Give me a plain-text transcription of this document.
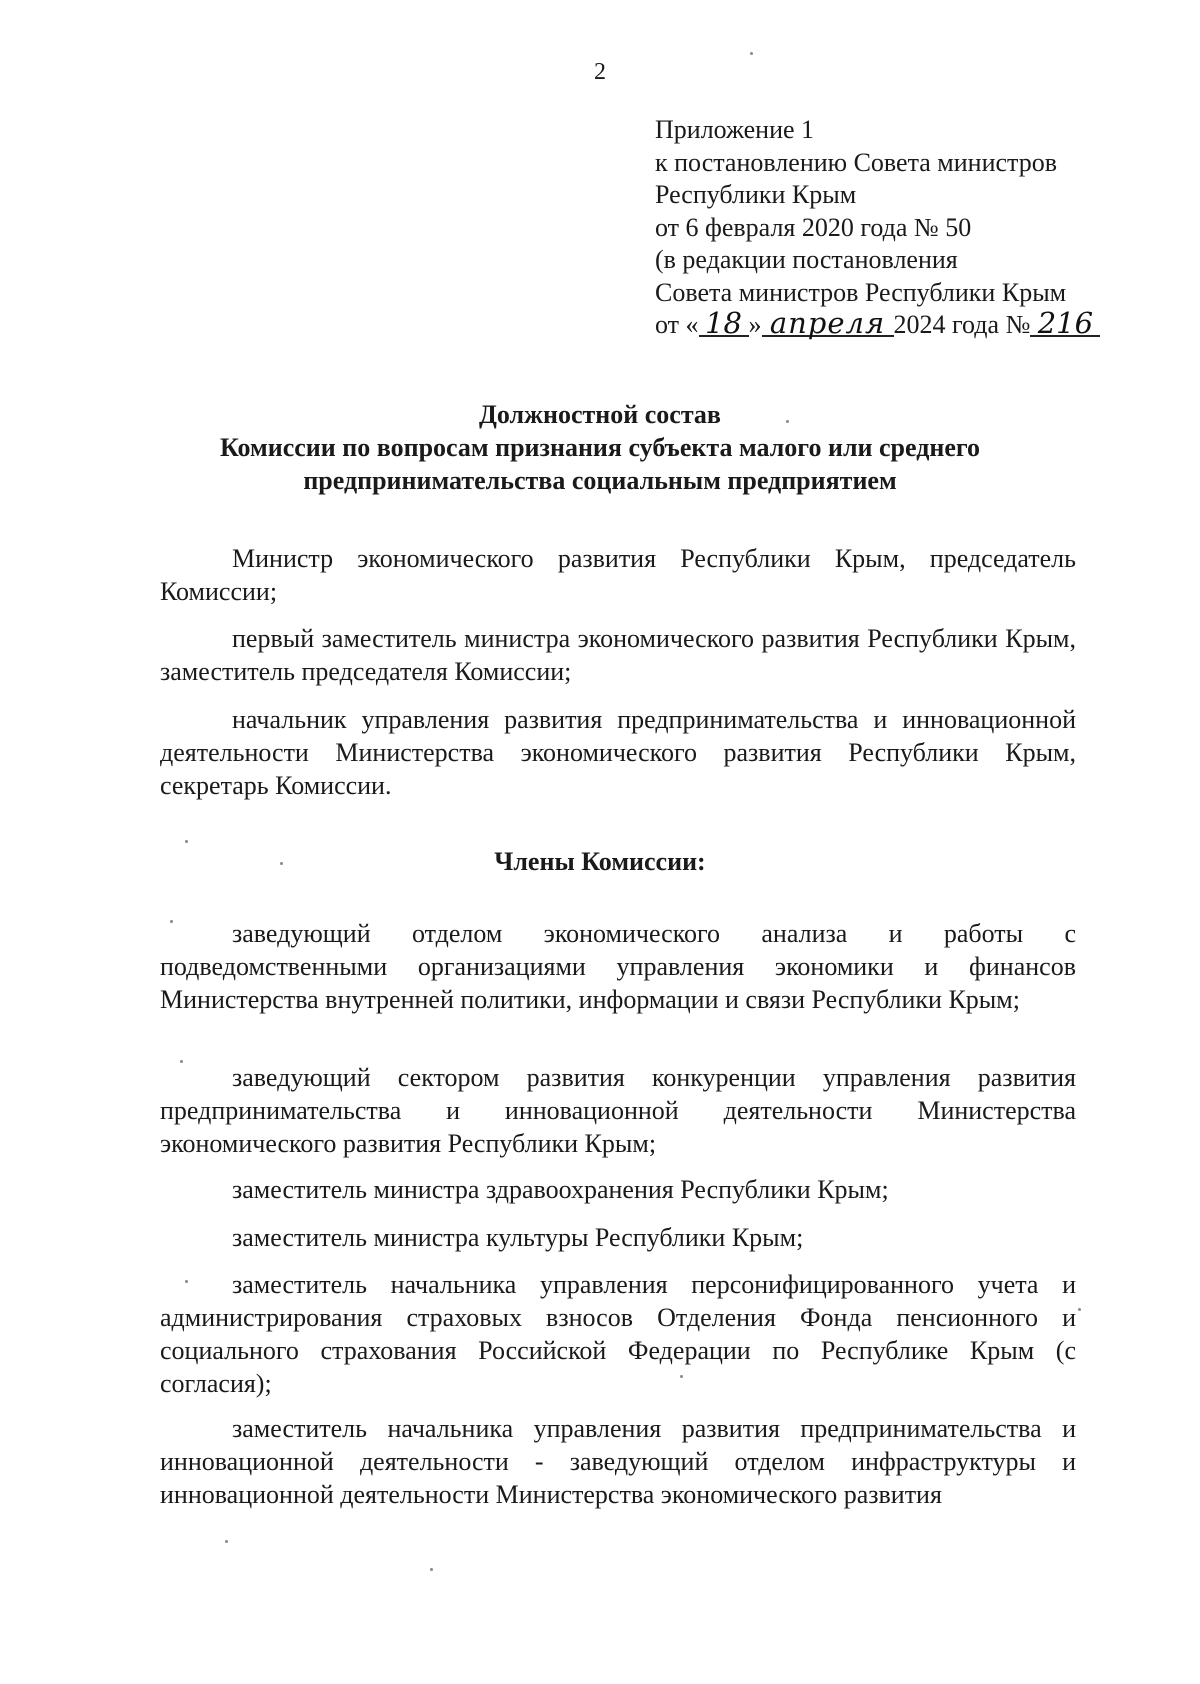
2
Приложение 1
к постановлению Совета министров
Республики Крым
от 6 февраля 2020 года № 50
(в редакции постановления
Совета министров Республики Крым
от « 18 » апреля 2024 года № 216
Должностной состав
Комиссии по вопросам признания субъекта малого или среднего
предпринимательства социальным предприятием

Министр экономического развития Республики Крым, председатель Комиссии;

первый заместитель министра экономического развития Республики Крым, заместитель председателя Комиссии;

начальник управления развития предпринимательства и инновационной деятельности Министерства экономического развития Республики Крым, секретарь Комиссии.

Члены Комиссии:

заведующий отделом экономического анализа и работы с подведомственными организациями управления экономики и финансов Министерства внутренней политики, информации и связи Республики Крым;

заведующий сектором развития конкуренции управления развития предпринимательства и инновационной деятельности Министерства экономического развития Республики Крым;

заместитель министра здравоохранения Республики Крым;

заместитель министра культуры Республики Крым;

заместитель начальника управления персонифицированного учета и администрирования страховых взносов Отделения Фонда пенсионного и социального страхования Российской Федерации по Республике Крым (с согласия);

заместитель начальника управления развития предпринимательства и инновационной деятельности - заведующий отделом инфраструктуры и инновационной деятельности Министерства экономического развития
